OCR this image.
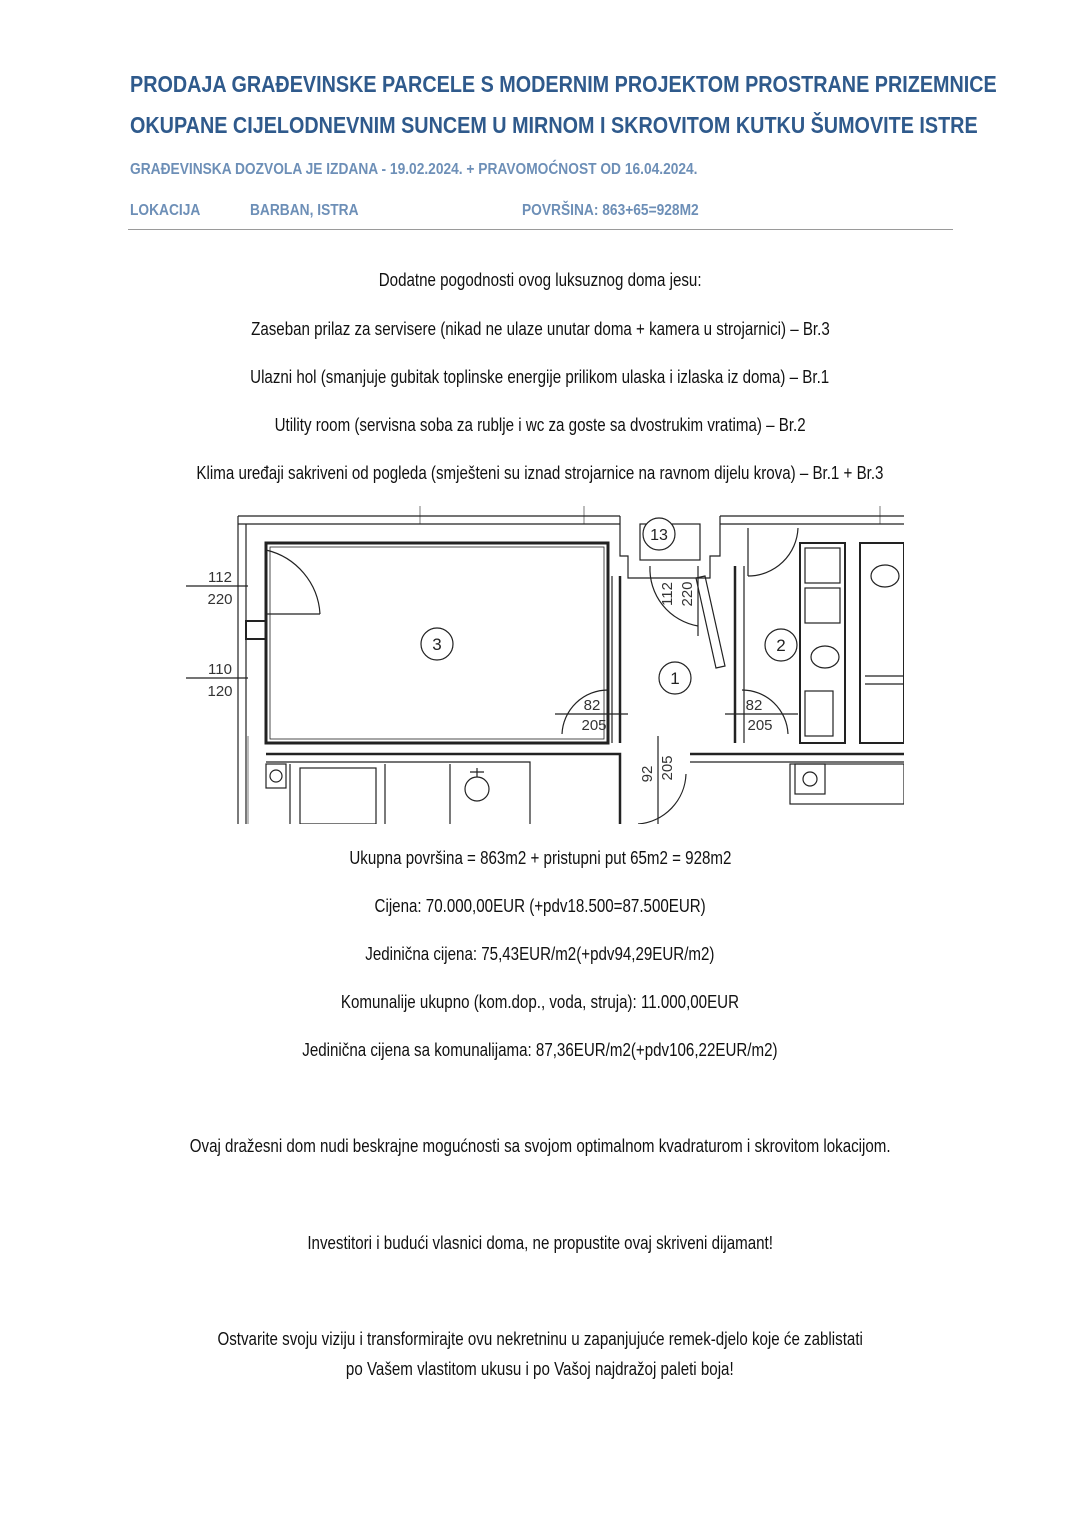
PRODAJA GRAĐEVINSKE PARCELE S MODERNIM PROJEKTOM PROSTRANE PRIZEMNICE
OKUPANE CIJELODNEVNIM SUNCEM U MIRNOM I SKROVITOM KUTKU ŠUMOVITE ISTRE
GRAĐEVINSKA DOZVOLA JE IZDANA - 19.02.2024. + PRAVOMOĆNOST OD 16.04.2024.
LOKACIJA	BARBAN, ISTRA	POVRŠINA: 863+65=928M2
Dodatne pogodnosti ovog luksuznog doma jesu:
Zaseban prilaz za servisere (nikad ne ulaze unutar doma + kamera u strojarnici) – Br.3
Ulazni hol (smanjuje gubitak toplinske energije prilikom ulaska i izlaska iz doma) – Br.1
Utility room (servisna soba za rublje i wc za goste sa dvostrukim vratima) – Br.2
Klima uređaji sakriveni od pogleda (smješteni su iznad strojarnice na ravnom dijelu krova) – Br.1 + Br.3
3
1
2
13
112
220
110
120
82
205
82
205
112 220
92 205
Ukupna površina = 863m2 + pristupni put 65m2 = 928m2
Cijena: 70.000,00EUR (+pdv18.500=87.500EUR)
Jedinična cijena: 75,43EUR/m2(+pdv94,29EUR/m2)
Komunalije ukupno (kom.dop., voda, struja): 11.000,00EUR
Jedinična cijena sa komunalijama: 87,36EUR/m2(+pdv106,22EUR/m2)
Ovaj dražesni dom nudi beskrajne mogućnosti sa svojom optimalnom kvadraturom i skrovitom lokacijom.
Investitori i budući vlasnici doma, ne propustite ovaj skriveni dijamant!
Ostvarite svoju viziju i transformirajte ovu nekretninu u zapanjujuće remek-djelo koje će zablistati
po Vašem vlastitom ukusu i po Vašoj najdražoj paleti boja!
